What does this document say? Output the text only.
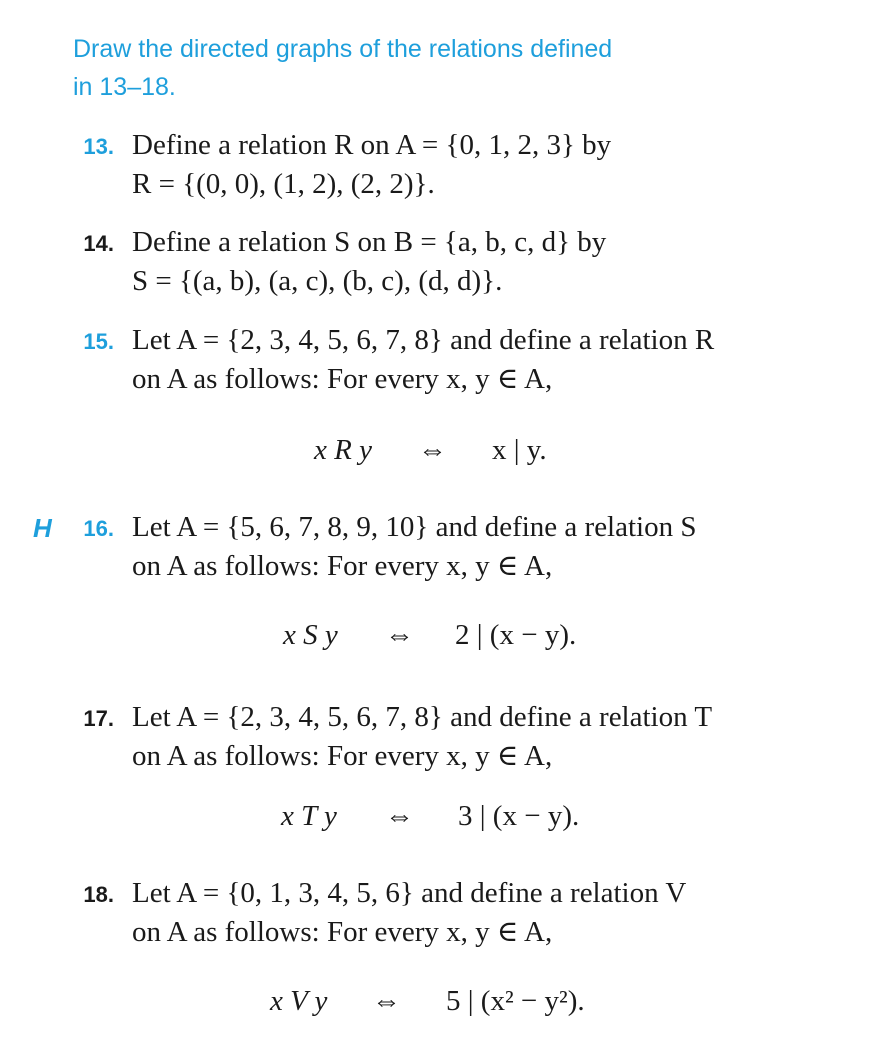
Draw the directed graphs of the relations defined
in 13–18.
13. Define a relation R on A = {0, 1, 2, 3} by
R = {(0, 0), (1, 2), (2, 2)}.
14. Define a relation S on B = {a, b, c, d} by
S = {(a, b), (a, c), (b, c), (d, d)}.
15. Let A = {2, 3, 4, 5, 6, 7, 8} and define a relation R
on A as follows: For every x, y ∈ A,
x R y ⇔ x | y.
H	16. Let A = {5, 6, 7, 8, 9, 10} and define a relation S
on A as follows: For every x, y ∈ A,
x S y ⇔ 2 | (x − y).
17. Let A = {2, 3, 4, 5, 6, 7, 8} and define a relation T
on A as follows: For every x, y ∈ A,
x T y ⇔ 3 | (x − y).
18. Let A = {0, 1, 3, 4, 5, 6} and define a relation V
on A as follows: For every x, y ∈ A,
x V y ⇔ 5 | (x² − y²).
